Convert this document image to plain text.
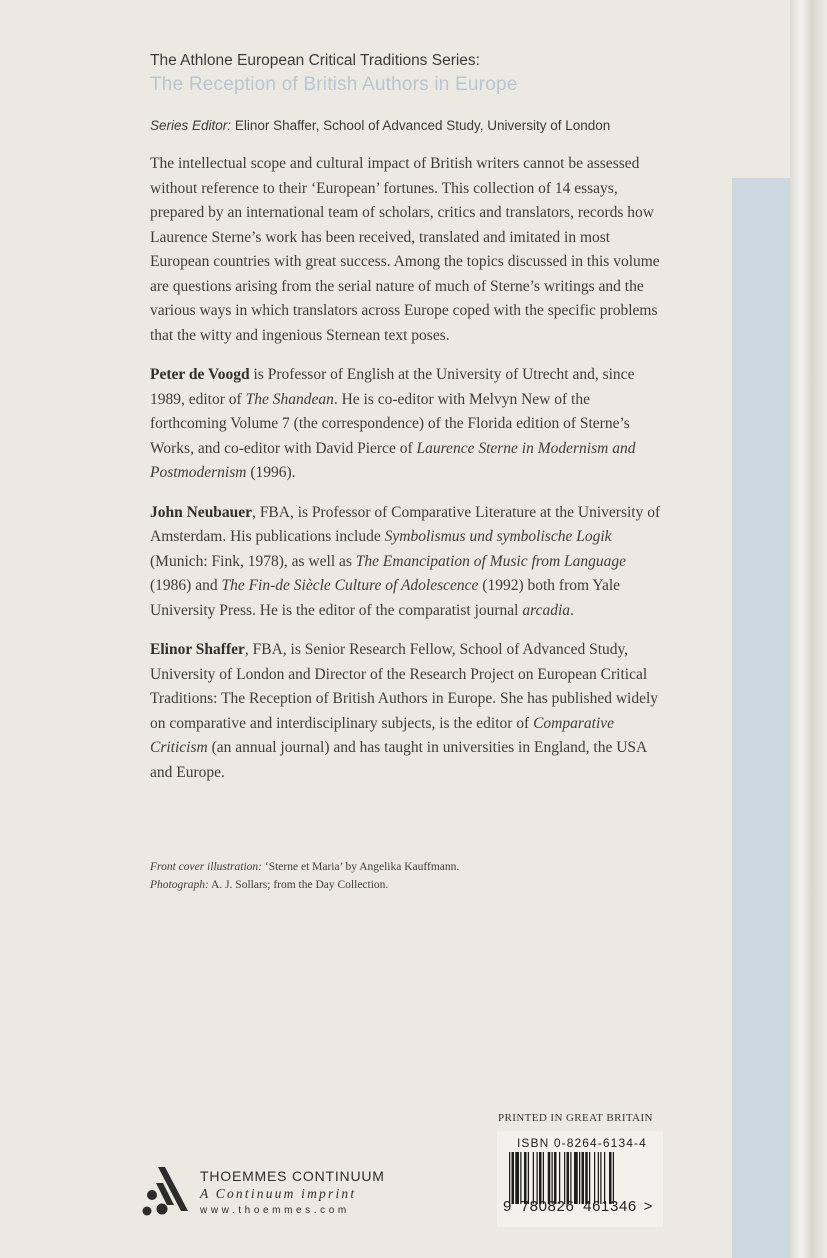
The Athlone European Critical Traditions Series:
The Reception of British Authors in Europe
Series Editor: Elinor Shaffer, School of Advanced Study, University of London

The intellectual scope and cultural impact of British writers cannot be assessed without reference to their ‘European’ fortunes. This collection of 14 essays, prepared by an international team of scholars, critics and translators, records how Laurence Sterne’s work has been received, translated and imitated in most European countries with great success. Among the topics discussed in this volume are questions arising from the serial nature of much of Sterne’s writings and the various ways in which translators across Europe coped with the specific problems that the witty and ingenious Sternean text poses.

Peter de Voogd is Professor of English at the University of Utrecht and, since 1989, editor of The Shandean. He is co-editor with Melvyn New of the forthcoming Volume 7 (the correspondence) of the Florida edition of Sterne’s Works, and co-editor with David Pierce of Laurence Sterne in Modernism and Postmodernism (1996).

John Neubauer, FBA, is Professor of Comparative Literature at the University of Amsterdam. His publications include Symbolismus und symbolische Logik (Munich: Fink, 1978), as well as The Emancipation of Music from Language (1986) and The Fin-de Siècle Culture of Adolescence (1992) both from Yale University Press. He is the editor of the comparatist journal arcadia.

Elinor Shaffer, FBA, is Senior Research Fellow, School of Advanced Study, University of London and Director of the Research Project on European Critical Traditions: The Reception of British Authors in Europe. She has published widely on comparative and interdisciplinary subjects, is the editor of Comparative Criticism (an annual journal) and has taught in universities in England, the USA and Europe.

Front cover illustration: ‘Sterne et Maria’ by Angelika Kauffmann.
Photograph: A. J. Sollars; from the Day Collection.
THOEMMES CONTINUUM
A Continuum imprint
www.thoemmes.com
PRINTED IN GREAT BRITAIN
ISBN 0-8264-6134-4
9 780826 461346 >
